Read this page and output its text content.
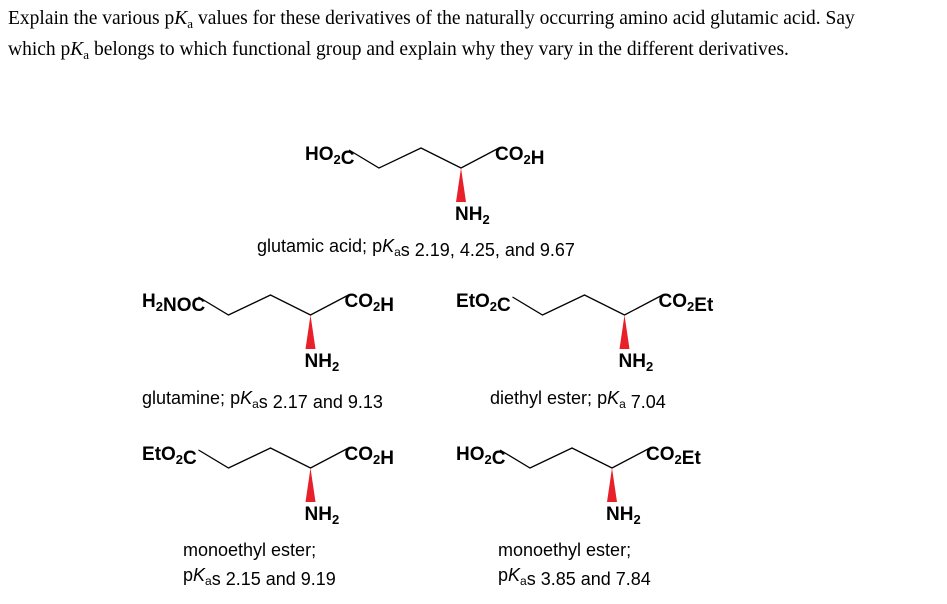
Explain the various $pK_a$ values for these derivatives of the naturally occurring amino acid glutamic acid. Say
which $pK_a$ belongs to which functional group and explain why they vary in the different derivatives.
$HO_2C$	$CO_2H$
$NH_2$
glutamic acid; $pK_as$ 2.19, 4.25, and 9.67
$H_2NOC$	$CO_2H$
$NH_2$
glutamine; $pK_as$ 2.17 and 9.13
EtO$_2$C	$CO_2Et$
$NH_2$
diethyl ester; $pK_a$ 7.04
EtO$_2$C	$CO_2H$
$NH_2$
monoethyl ester;
$pK_as$ 2.15 and 9.19
$HO_2C$	$CO_2Et$
$NH_2$
monoethyl ester;
$pK_as$ 3.85 and 7.84
